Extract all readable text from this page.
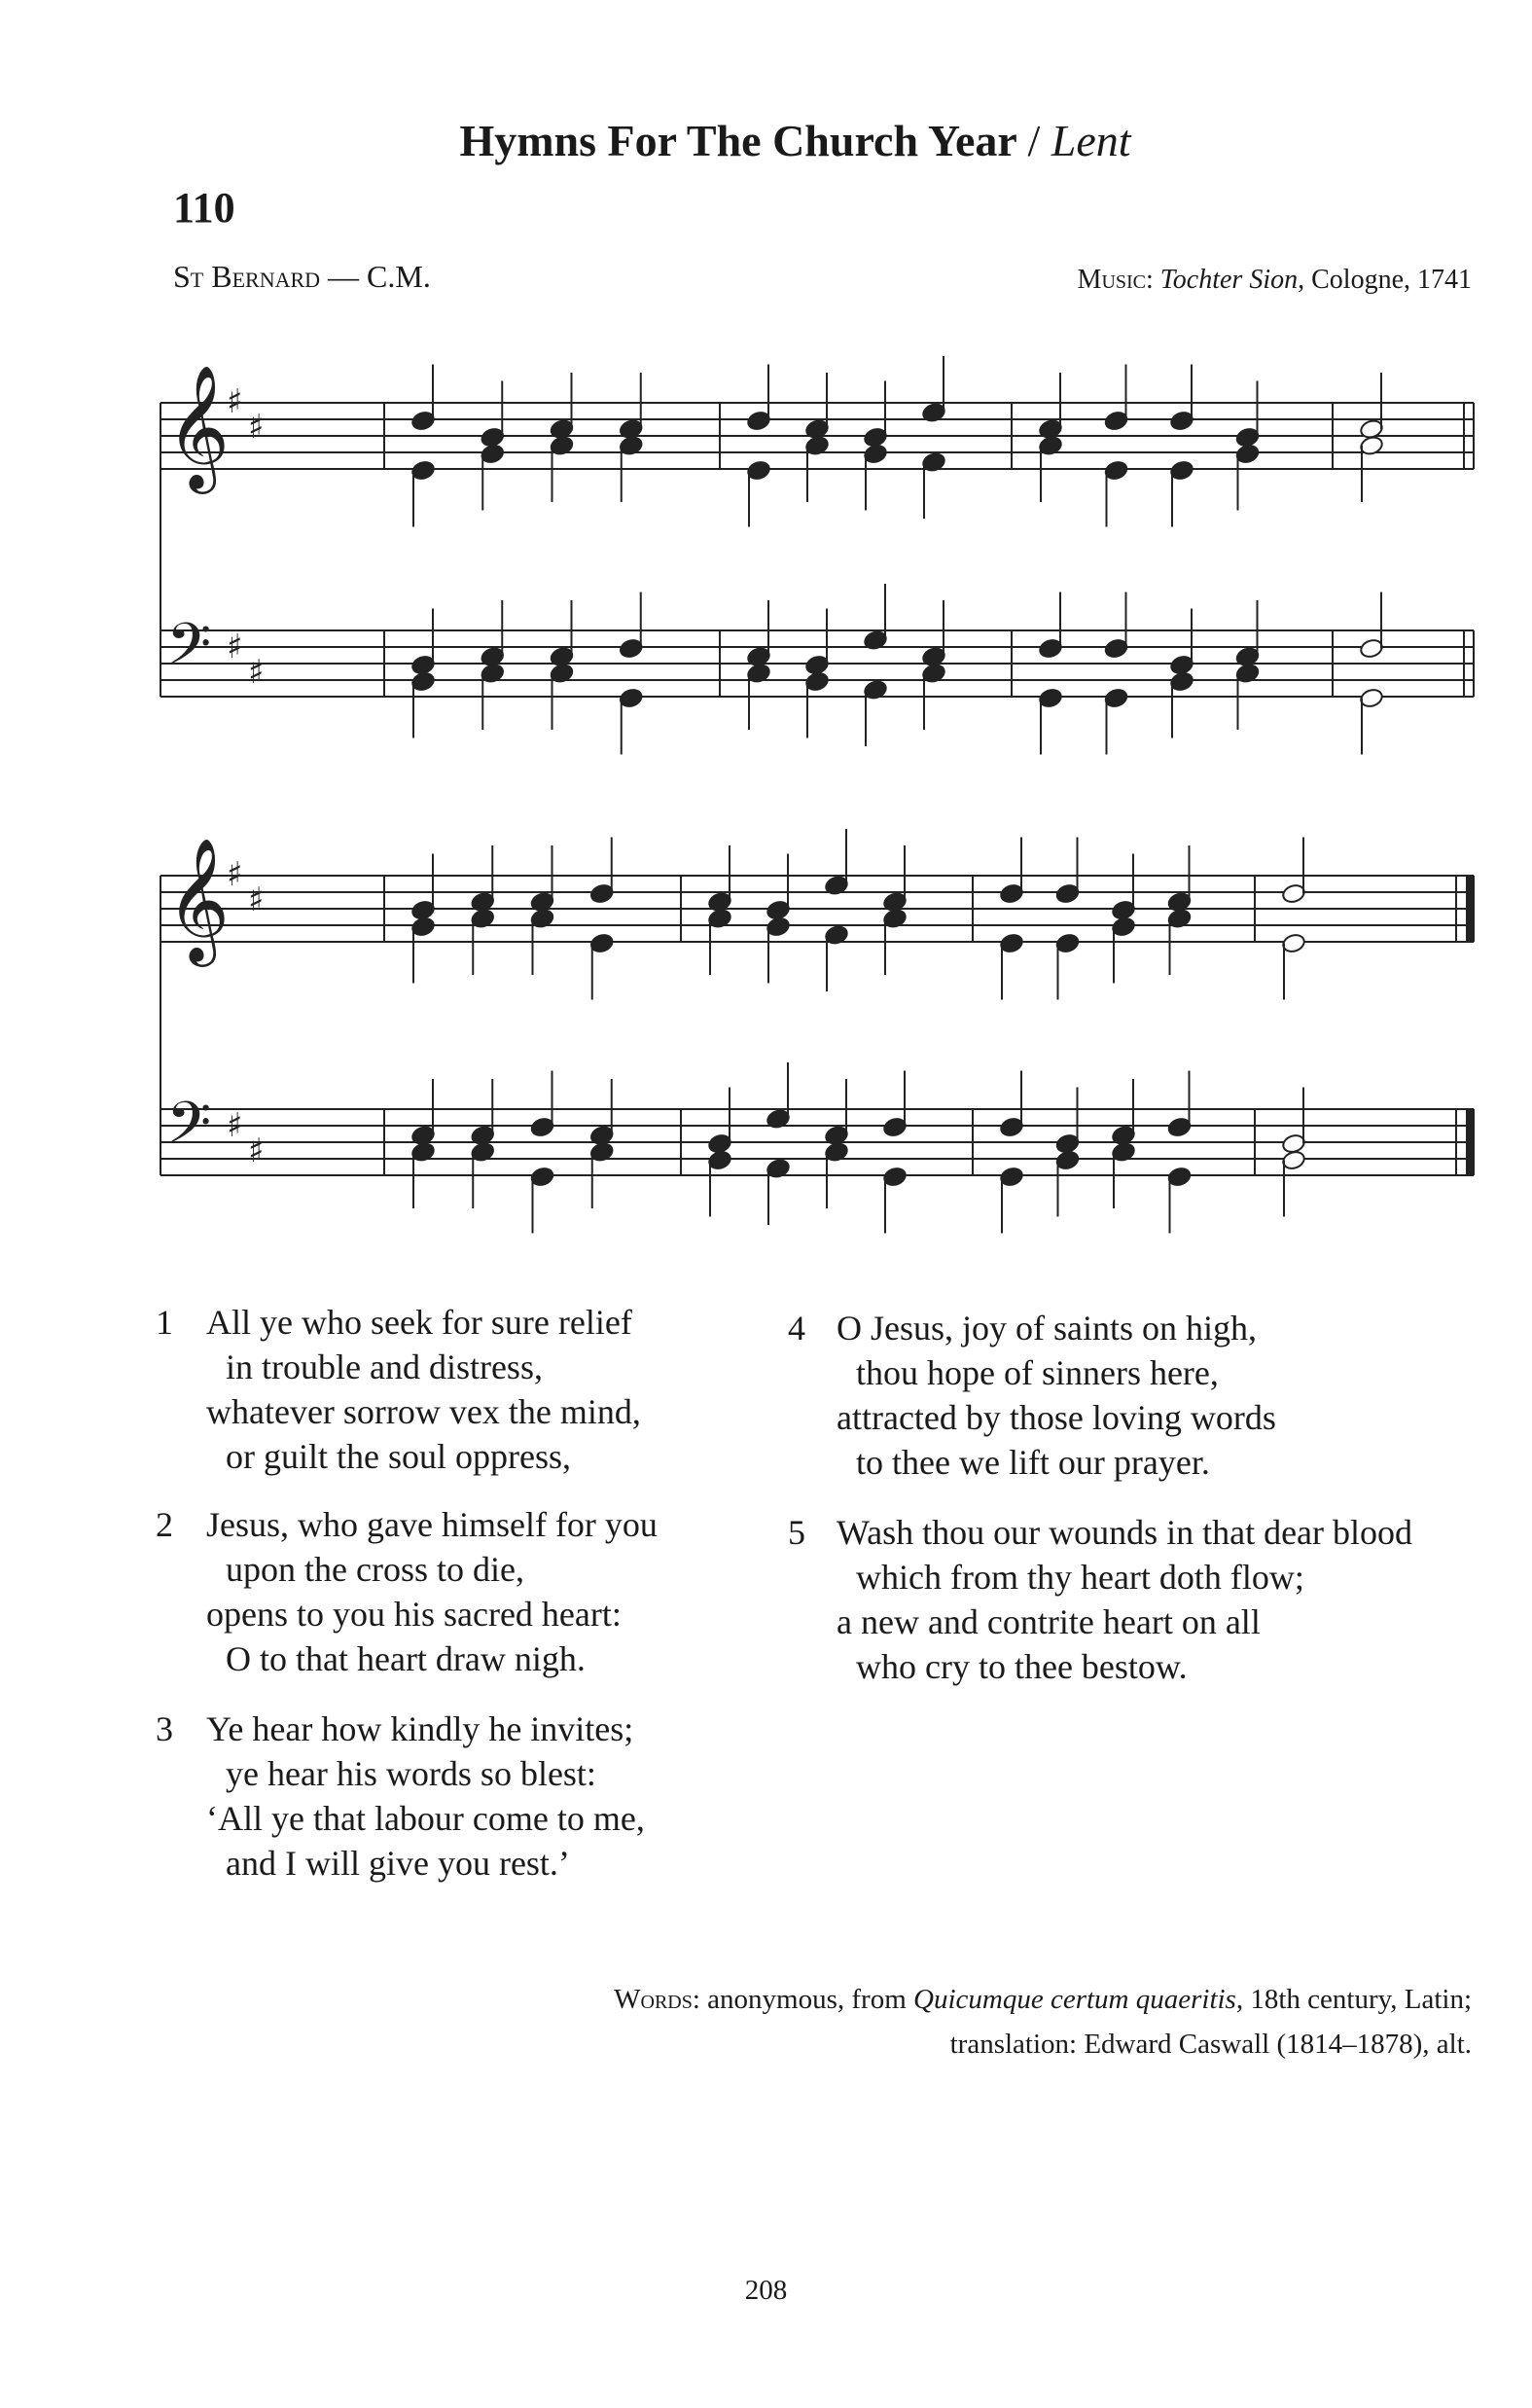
Hymns For The Church Year / Lent
110
St Bernard — C.M.	Music: Tochter Sion, Cologne, 1741
𝄞
♯
♯
𝄢 ♯
♯
𝄞
♯
♯
𝄢 ♯
♯
1 All ye who seek for sure relief
in trouble and distress,
whatever sorrow vex the mind,
or guilt the soul oppress,
2 Jesus, who gave himself for you
upon the cross to die,
opens to you his sacred heart:
O to that heart draw nigh.
3 Ye hear how kindly he invites;
ye hear his words so blest:
‘All ye that labour come to me,
and I will give you rest.’
4 O Jesus, joy of saints on high,
thou hope of sinners here,
attracted by those loving words
to thee we lift our prayer.
5 Wash thou our wounds in that dear blood
which from thy heart doth flow;
a new and contrite heart on all
who cry to thee bestow.
Words: anonymous, from Quicumque certum quaeritis, 18th century, Latin;
translation: Edward Caswall (1814–1878), alt.
208
